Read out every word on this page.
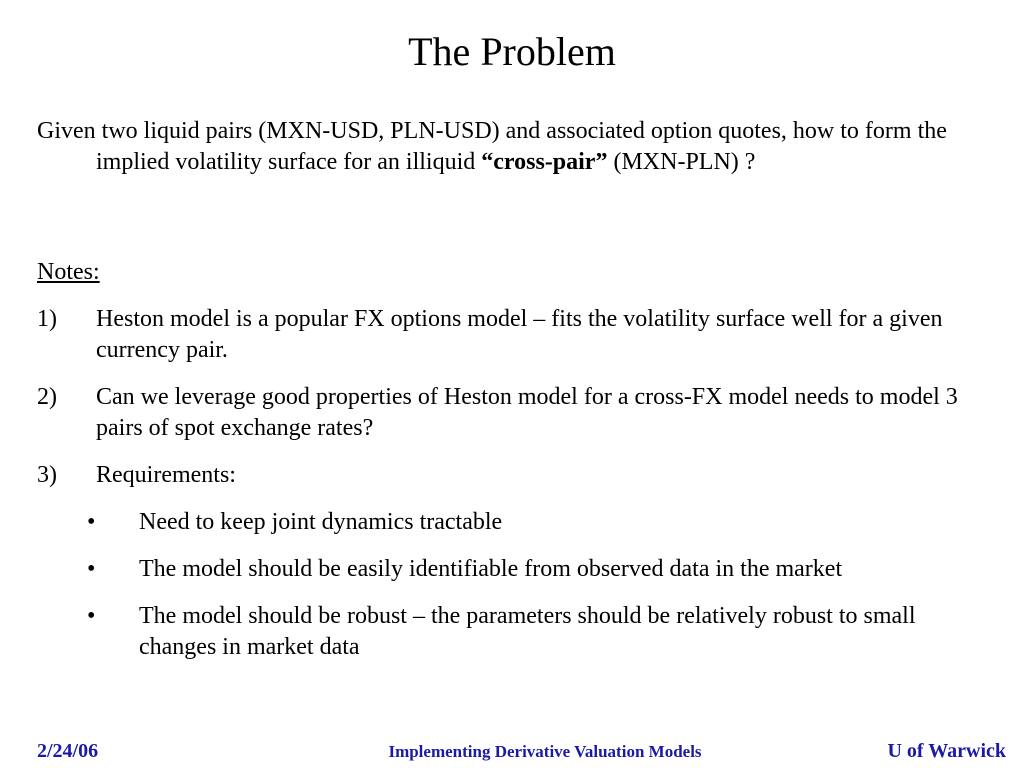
The Problem

Given two liquid pairs (MXN-USD, PLN-USD) and associated option quotes, how to form the implied volatility surface for an illiquid “cross-pair” (MXN-PLN) ?

Notes:
1) Heston model is a popular FX options model – fits the volatility surface well for a given currency pair.
2) Can we leverage good properties of Heston model for a cross-FX model needs to model 3 pairs of spot exchange rates?
3) Requirements:
• Need to keep joint dynamics tractable
• The model should be easily identifiable from observed data in the market
• The model should be robust – the parameters should be relatively robust to small changes in market data
2/24/06	Implementing Derivative Valuation Models	U of Warwick
